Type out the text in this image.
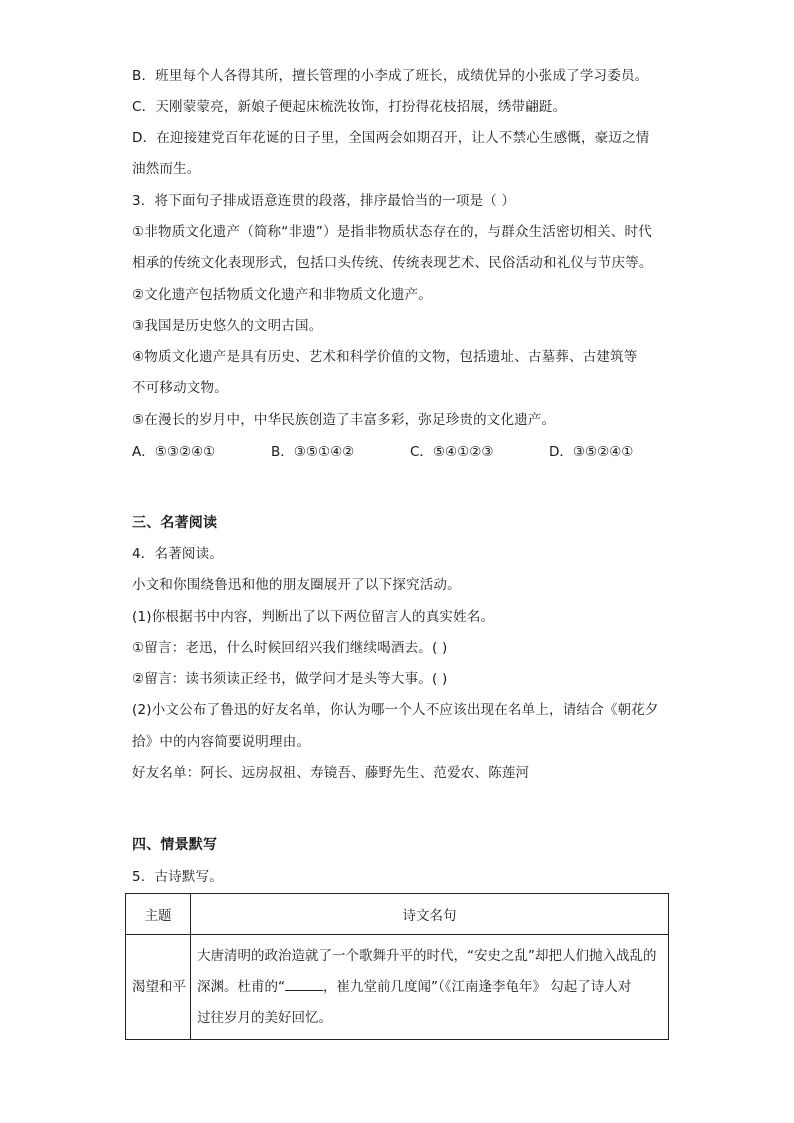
B．班里每个人各得其所，擅长管理的小李成了班长，成绩优异的小张成了学习委员。
C．天刚蒙蒙亮，新娘子便起床梳洗妆饰，打扮得花枝招展，绣带翩跹。
D．在迎接建党百年花诞的日子里，全国两会如期召开，让人不禁心生感慨，豪迈之情
油然而生。
3．将下面句子排成语意连贯的段落，排序最恰当的一项是（ ）
①非物质文化遗产（简称“非遗”）是指非物质状态存在的，与群众生活密切相关、时代
相承的传统文化表现形式，包括口头传统、传统表现艺术、民俗活动和礼仪与节庆等。
②文化遗产包括物质文化遗产和非物质文化遗产。
③我国是历史悠久的文明古国。
④物质文化遗产是具有历史、艺术和科学价值的文物，包括遗址、古墓葬、古建筑等
不可移动文物。
⑤在漫长的岁月中，中华民族创造了丰富多彩，弥足珍贵的文化遗产。
A．⑤③②④①	B．③⑤①④②	C．⑤④①②③	D．③⑤②④①
三、名著阅读
4．名著阅读。
小文和你围绕鲁迅和他的朋友圈展开了以下探究活动。
(1)你根据书中内容，判断出了以下两位留言人的真实姓名。
①留言：老迅，什么时候回绍兴我们继续喝酒去。( )
②留言：读书须读正经书，做学问才是头等大事。( )
(2)小文公布了鲁迅的好友名单，你认为哪一个人不应该出现在名单上，请结合《朝花夕
拾》中的内容简要说明理由。
好友名单：阿长、远房叔祖、寿镜吾、藤野先生、范爱农、陈莲河
四、情景默写
5．古诗默写。
主题	诗文名句
渴望和平	大唐清明的政治造就了一个歌舞升平的时代，“安史之乱”却把人们抛入战乱的
深渊。杜甫的“ ，崔九堂前几度闻”（《江南逢李龟年》 勾起了诗人对
过往岁月的美好回忆。
